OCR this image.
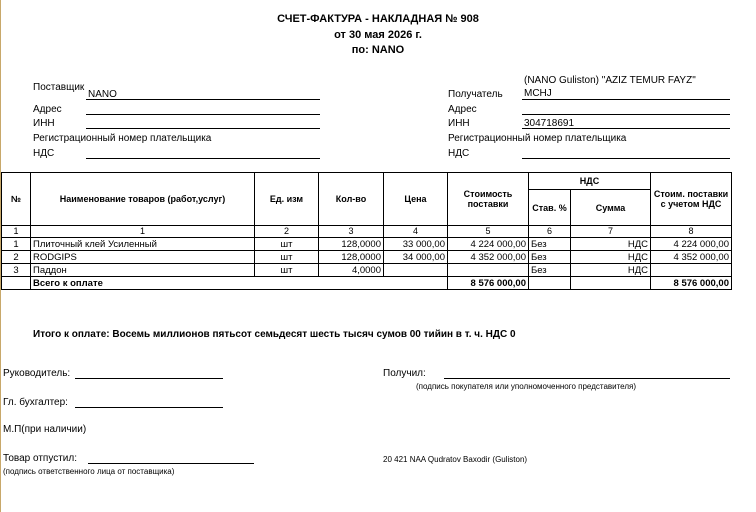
СЧЕТ-ФАКТУРА - НАКЛАДНАЯ № 908
от 30 мая 2026 г.
по: NANO
Поставщик
NANO
Адрес
ИНН
Регистрационный номер плательщика
НДС
(NANO Guliston) "AZIZ TEMUR FAYZ"
Получатель MCHJ
Адрес
ИНН	304718691
Регистрационный номер плательщика
НДС
№	Наименование товаров (работ,услуг)	Ед. изм	Кол-во	Цена	Стоимость поставки	НДС		Стоим. поставки с учетом НДС
						Став. %	Сумма	
1	1	2	3	4	5	6	7	8
1	Плиточный клей Усиленный	шт	128,0000	33 000,00	4 224 000,00	Без	НДС	4 224 000,00
2	RODGIPS	шт	128,0000	34 000,00	4 352 000,00	Без	НДС	4 352 000,00
3	Паддон	шт	4,0000			Без	НДС	
	Всего к оплате				8 576 000,00			8 576 000,00
Итого к оплате: Восемь миллионов пятьсот семьдесят шесть тысяч сумов 00 тийин в т. ч. НДС 0
Руководитель:	Получил:
(подпись покупателя или уполномоченного представителя)
Гл. бухгалтер:
М.П(при наличии)
Товар отпустил:
(подпись ответственного лица от поставщика)
20 421 NAA Qudratov Baxodir (Guliston)
